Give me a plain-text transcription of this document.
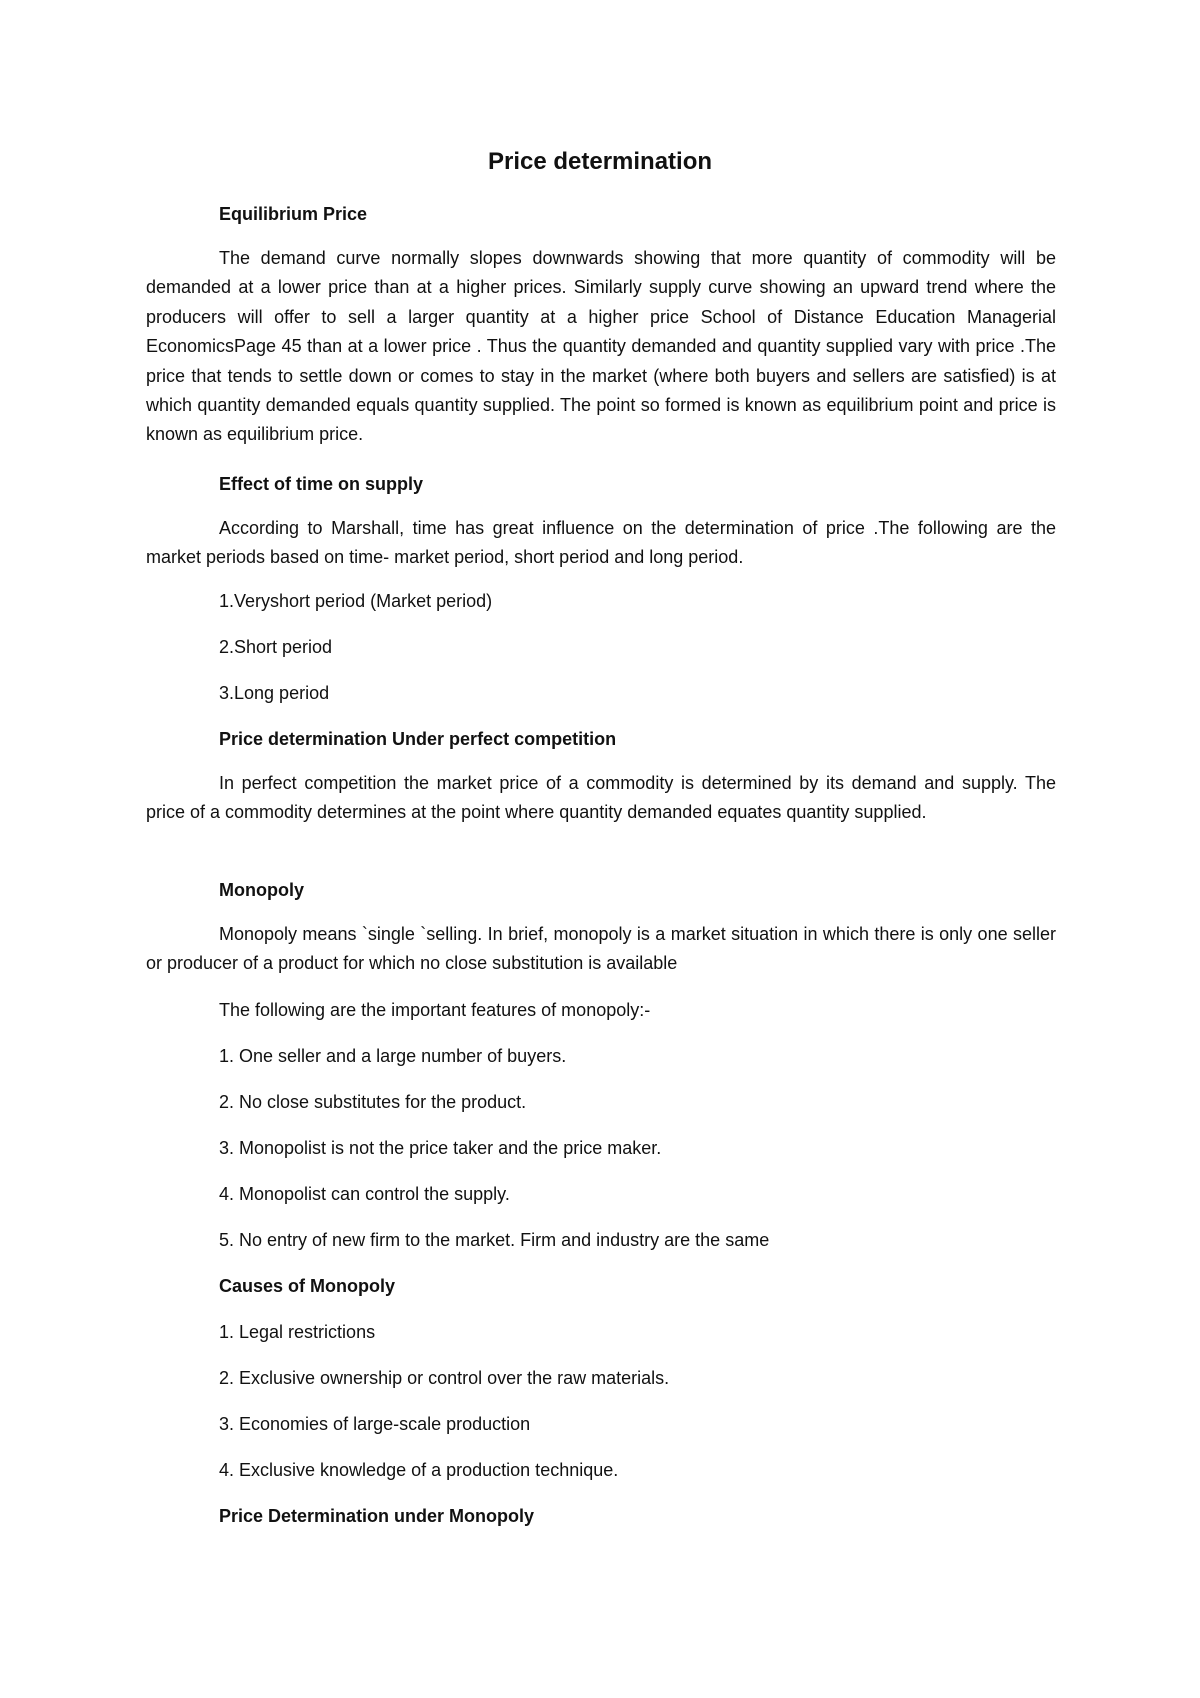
Price determination
Equilibrium Price
The demand curve normally slopes downwards showing that more quantity of commodity will be demanded at a lower price than at a higher prices. Similarly supply curve showing an upward trend where the producers will offer to sell a larger quantity at a higher price School of Distance Education Managerial EconomicsPage 45 than at a lower price . Thus the quantity demanded and quantity supplied vary with price .The price that tends to settle down or comes to stay in the market (where both buyers and sellers are satisfied) is at which quantity demanded equals quantity supplied. The point so formed is known as equilibrium point and price is known as equilibrium price.
Effect of time on supply
According to Marshall, time has great influence on the determination of price .The following are the market periods based on time- market period, short period and long period.
1.Veryshort period (Market period)
2.Short period
3.Long period
Price determination Under perfect competition
In perfect competition the market price of a commodity is determined by its demand and supply. The price of a commodity determines at the point where quantity demanded equates quantity supplied.
Monopoly
Monopoly means `single `selling. In brief, monopoly is a market situation in which there is only one seller or producer of a product for which no close substitution is available
The following are the important features of monopoly:-
1. One seller and a large number of buyers.
2. No close substitutes for the product.
3. Monopolist is not the price taker and the price maker.
4. Monopolist can control the supply.
5. No entry of new firm to the market. Firm and industry are the same
Causes of Monopoly
1. Legal restrictions
2. Exclusive ownership or control over the raw materials.
3. Economies of large-scale production
4. Exclusive knowledge of a production technique.
Price Determination under Monopoly
